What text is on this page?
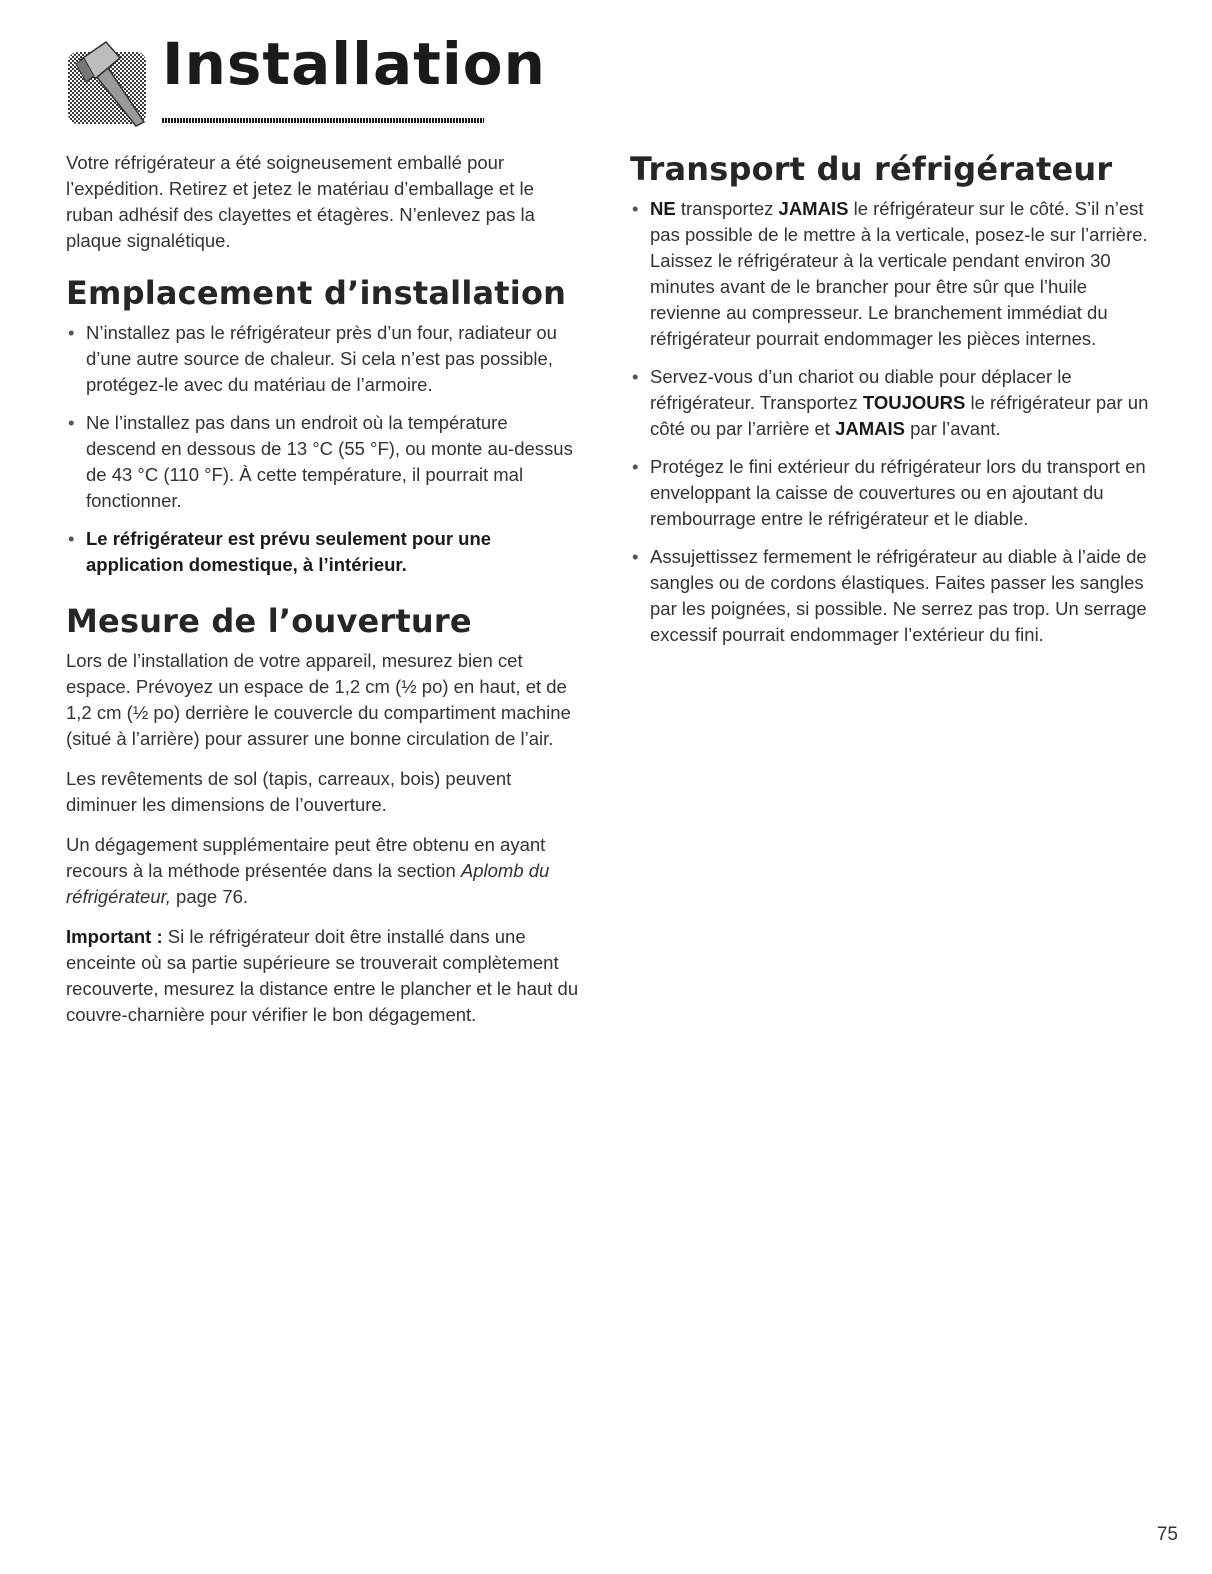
Installation

Votre réfrigérateur a été soigneusement emballé pour l’expédition. Retirez et jetez le matériau d’emballage et le ruban adhésif des clayettes et étagères. N’enlevez pas la plaque signalétique.

Emplacement d’installation
• N’installez pas le réfrigérateur près d’un four, radiateur ou d’une autre source de chaleur. Si cela n’est pas possible, protégez-le avec du matériau de l’armoire.
• Ne l’installez pas dans un endroit où la température descend en dessous de 13 °C (55 °F), ou monte au-dessus de 43 °C (110 °F). À cette température, il pourrait mal fonctionner.
• Le réfrigérateur est prévu seulement pour une application domestique, à l’intérieur.
Mesure de l’ouverture

Lors de l’installation de votre appareil, mesurez bien cet espace. Prévoyez un espace de 1,2 cm (½ po) en haut, et de 1,2 cm (½ po) derrière le couvercle du compartiment machine (situé à l’arrière) pour assurer une bonne circulation de l’air.

Les revêtements de sol (tapis, carreaux, bois) peuvent diminuer les dimensions de l’ouverture.

Un dégagement supplémentaire peut être obtenu en ayant recours à la méthode présentée dans la section Aplomb du réfrigérateur, page 76.

Important : Si le réfrigérateur doit être installé dans une enceinte où sa partie supérieure se trouverait complètement recouverte, mesurez la distance entre le plancher et le haut du couvre-charnière pour vérifier le bon dégagement.

Transport du réfrigérateur
• NE transportez JAMAIS le réfrigérateur sur le côté. S’il n’est pas possible de le mettre à la verticale, posez-le sur l’arrière. Laissez le réfrigérateur à la verticale pendant environ 30 minutes avant de le brancher pour être sûr que l’huile revienne au compresseur. Le branchement immédiat du réfrigérateur pourrait endommager les pièces internes.
• Servez-vous d’un chariot ou diable pour déplacer le réfrigérateur. Transportez TOUJOURS le réfrigérateur par un côté ou par l’arrière et JAMAIS par l’avant.
• Protégez le fini extérieur du réfrigérateur lors du transport en enveloppant la caisse de couvertures ou en ajoutant du rembourrage entre le réfrigérateur et le diable.
• Assujettissez fermement le réfrigérateur au diable à l’aide de sangles ou de cordons élastiques. Faites passer les sangles par les poignées, si possible. Ne serrez pas trop. Un serrage excessif pourrait endommager l’extérieur du fini.
75
